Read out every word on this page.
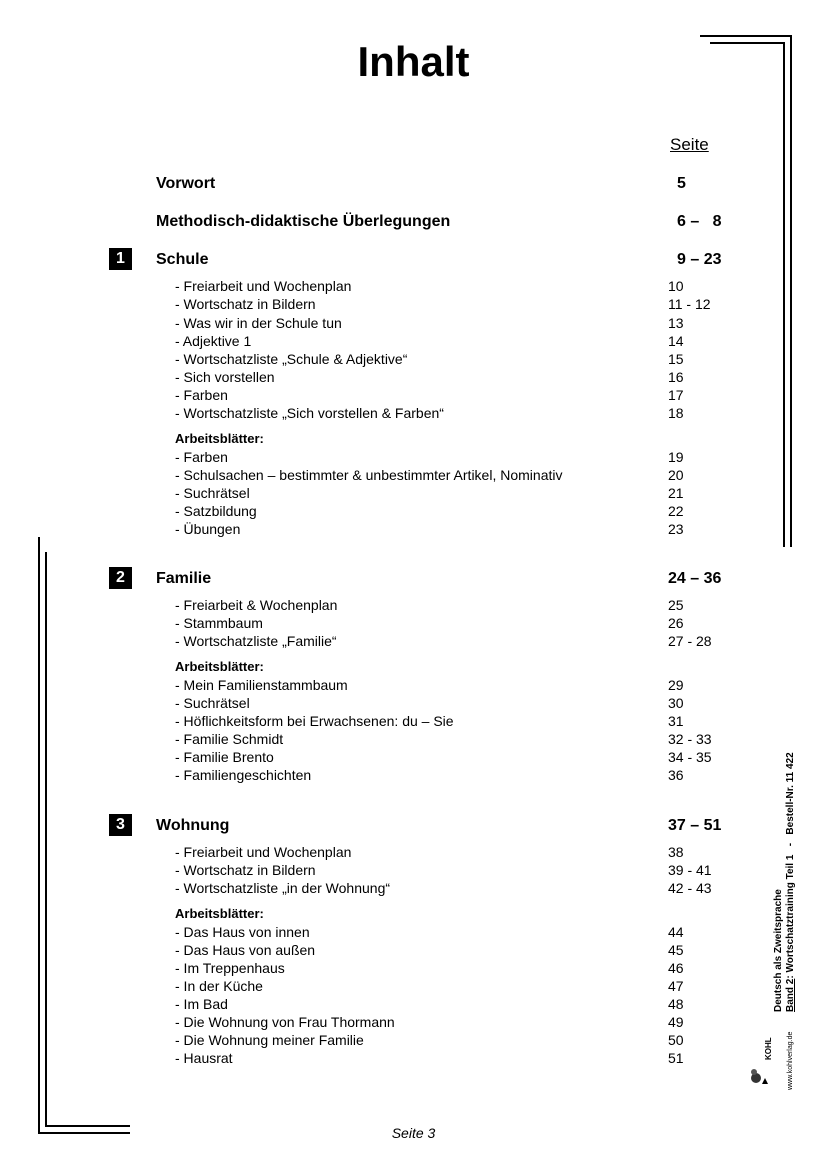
Inhalt
Seite
Vorwort	5
Methodisch-didaktische Überlegungen	6 –   8
1	Schule	9 – 23
- Freiarbeit und Wochenplan	10
- Wortschatz in Bildern	11 - 12
- Was wir in der Schule tun	13
- Adjektive 1	14
- Wortschatzliste „Schule & Adjektive“	15
- Sich vorstellen	16
- Farben	17
- Wortschatzliste „Sich vorstellen & Farben“	18
Arbeitsblätter:
- Farben	19
- Schulsachen – bestimmter & unbestimmter Artikel, Nominativ	20
- Suchrätsel	21
- Satzbildung	22
- Übungen	23
2	Familie	24 – 36
- Freiarbeit & Wochenplan	25
- Stammbaum	26
- Wortschatzliste „Familie“	27 - 28
Arbeitsblätter:
- Mein Familienstammbaum	29
- Suchrätsel	30
- Höflichkeitsform bei Erwachsenen: du – Sie	31
- Familie Schmidt	32 - 33
- Familie Brento	34 - 35
- Familiengeschichten	36
3	Wohnung	37 – 51
- Freiarbeit und Wochenplan	38
- Wortschatz in Bildern	39 - 41
- Wortschatzliste „in der Wohnung“	42 - 43
Arbeitsblätter:
- Das Haus von innen	44
- Das Haus von außen	45
- Im Treppenhaus	46
- In der Küche	47
- Im Bad	48
- Die Wohnung von Frau Thormann	49
- Die Wohnung meiner Familie	50
- Hausrat	51
Deutsch als Zweitsprache Band 2: Wortschatztraining Teil 1   -   Bestell-Nr. 11 422
KOHL www.kohlverlag.de
Seite 3
